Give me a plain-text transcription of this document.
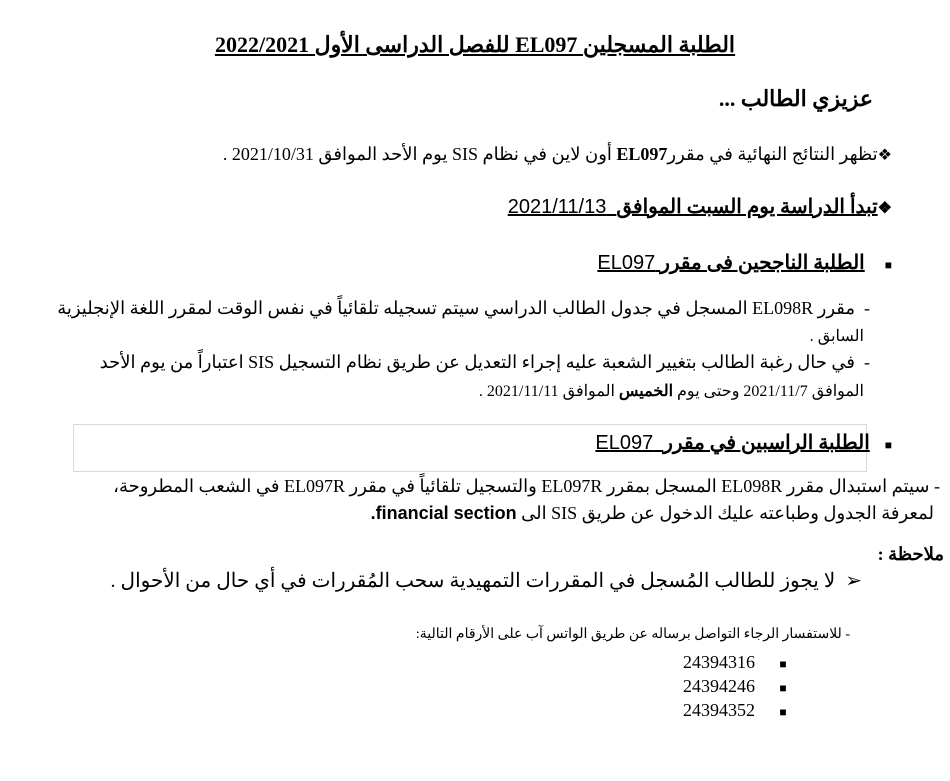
الطلبة المسجلين EL097 للفصل الدراسى الأول 2022/2021
عزيزي الطالب ...
❖تظهر النتائج النهائية في مقررEL097 أون لاين في نظام SIS يوم الأحد الموافق 2021/10/31 .
❖تبدأ الدراسة يوم السبت الموافق  2021/11/13
■    الطلبة الناجحين فى مقرر EL097
-  مقرر EL098R المسجل في جدول الطالب الدراسي سيتم تسجيله تلقائياً في نفس الوقت لمقرر اللغة الإنجليزية
السابق .
-  في حال رغبة الطالب بتغيير الشعبة عليه إجراء التعديل عن طريق نظام التسجيل SIS اعتباراً من يوم الأحد
الموافق 2021/11/7 وحتى يوم الخميس الموافق 2021/11/11 .
■   الطلبة الراسبين في مقرر  EL097
- سيتم استبدال مقرر EL098R المسجل بمقرر EL097R والتسجيل تلقائياً في مقرر EL097R في الشعب المطروحة،
لمعرفة الجدول وطباعته عليك الدخول عن طريق SIS الى financial section.
ملاحظة :
➢  لا يجوز للطالب المُسجل في المقررات التمهيدية سحب المُقررات في أي حال من الأحوال .
- للاستفسار الرجاء التواصل برساله عن طريق الواتس آب على الأرقام التالية:
24394316 ■
24394246 ■
24394352 ■
